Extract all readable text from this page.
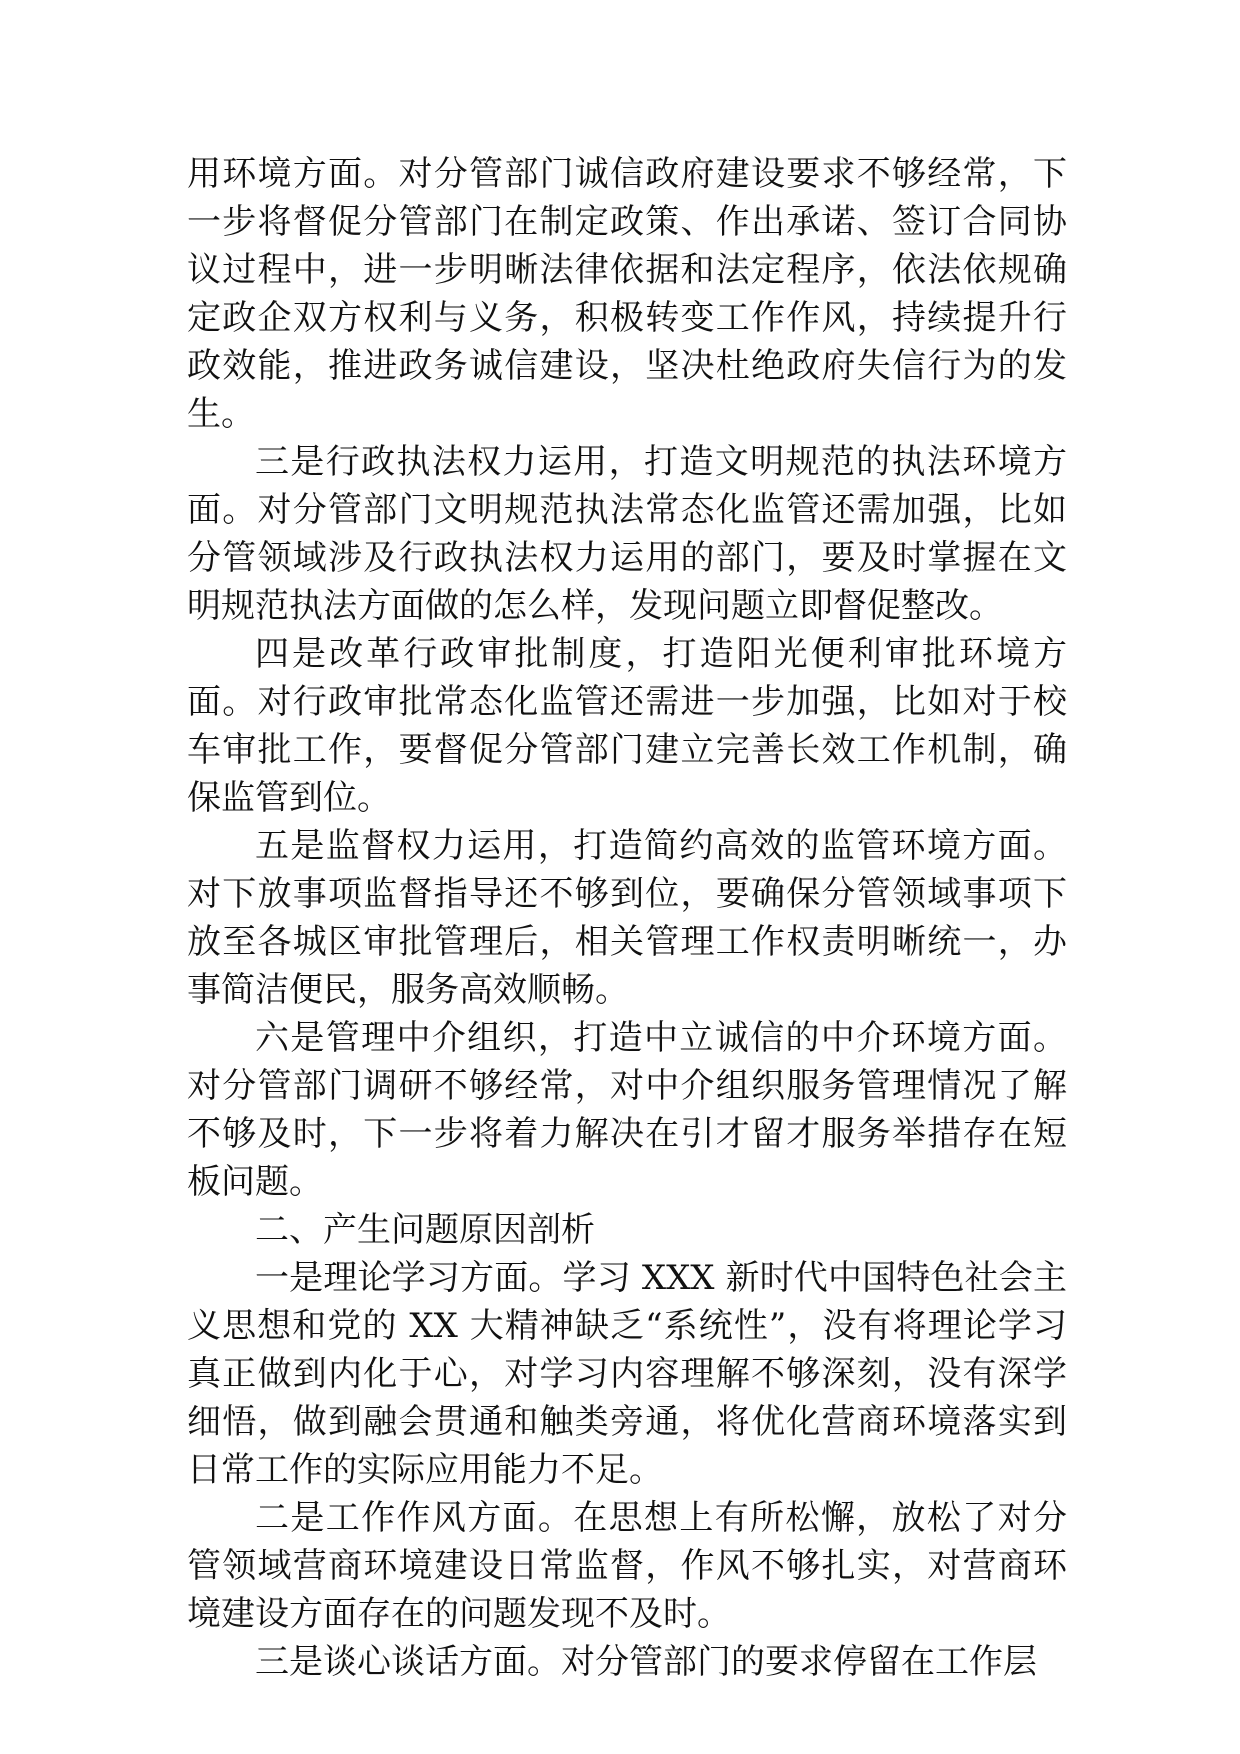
用环境方面。对分管部门诚信政府建设要求不够经常，下一步将督促分管部门在制定政策、作出承诺、签订合同协议过程中，进一步明晰法律依据和法定程序，依法依规确定政企双方权利与义务，积极转变工作作风，持续提升行政效能，推进政务诚信建设，坚决杜绝政府失信行为的发生。

三是行政执法权力运用，打造文明规范的执法环境方面。对分管部门文明规范执法常态化监管还需加强，比如分管领域涉及行政执法权力运用的部门，要及时掌握在文明规范执法方面做的怎么样，发现问题立即督促整改。

四是改革行政审批制度，打造阳光便利审批环境方面。对行政审批常态化监管还需进一步加强，比如对于校车审批工作，要督促分管部门建立完善长效工作机制，确保监管到位。

五是监督权力运用，打造简约高效的监管环境方面。对下放事项监督指导还不够到位，要确保分管领域事项下放至各城区审批管理后，相关管理工作权责明晰统一，办事简洁便民，服务高效顺畅。

六是管理中介组织，打造中立诚信的中介环境方面。对分管部门调研不够经常，对中介组织服务管理情况了解不够及时，下一步将着力解决在引才留才服务举措存在短板问题。

二、产生问题原因剖析

一是理论学习方面。学习 XXX 新时代中国特色社会主义思想和党的 XX 大精神缺乏“系统性”，没有将理论学习真正做到内化于心，对学习内容理解不够深刻，没有深学细悟，做到融会贯通和触类旁通，将优化营商环境落实到日常工作的实际应用能力不足。

二是工作作风方面。在思想上有所松懈，放松了对分管领域营商环境建设日常监督，作风不够扎实，对营商环境建设方面存在的问题发现不及时。

三是谈心谈话方面。对分管部门的要求停留在工作层
